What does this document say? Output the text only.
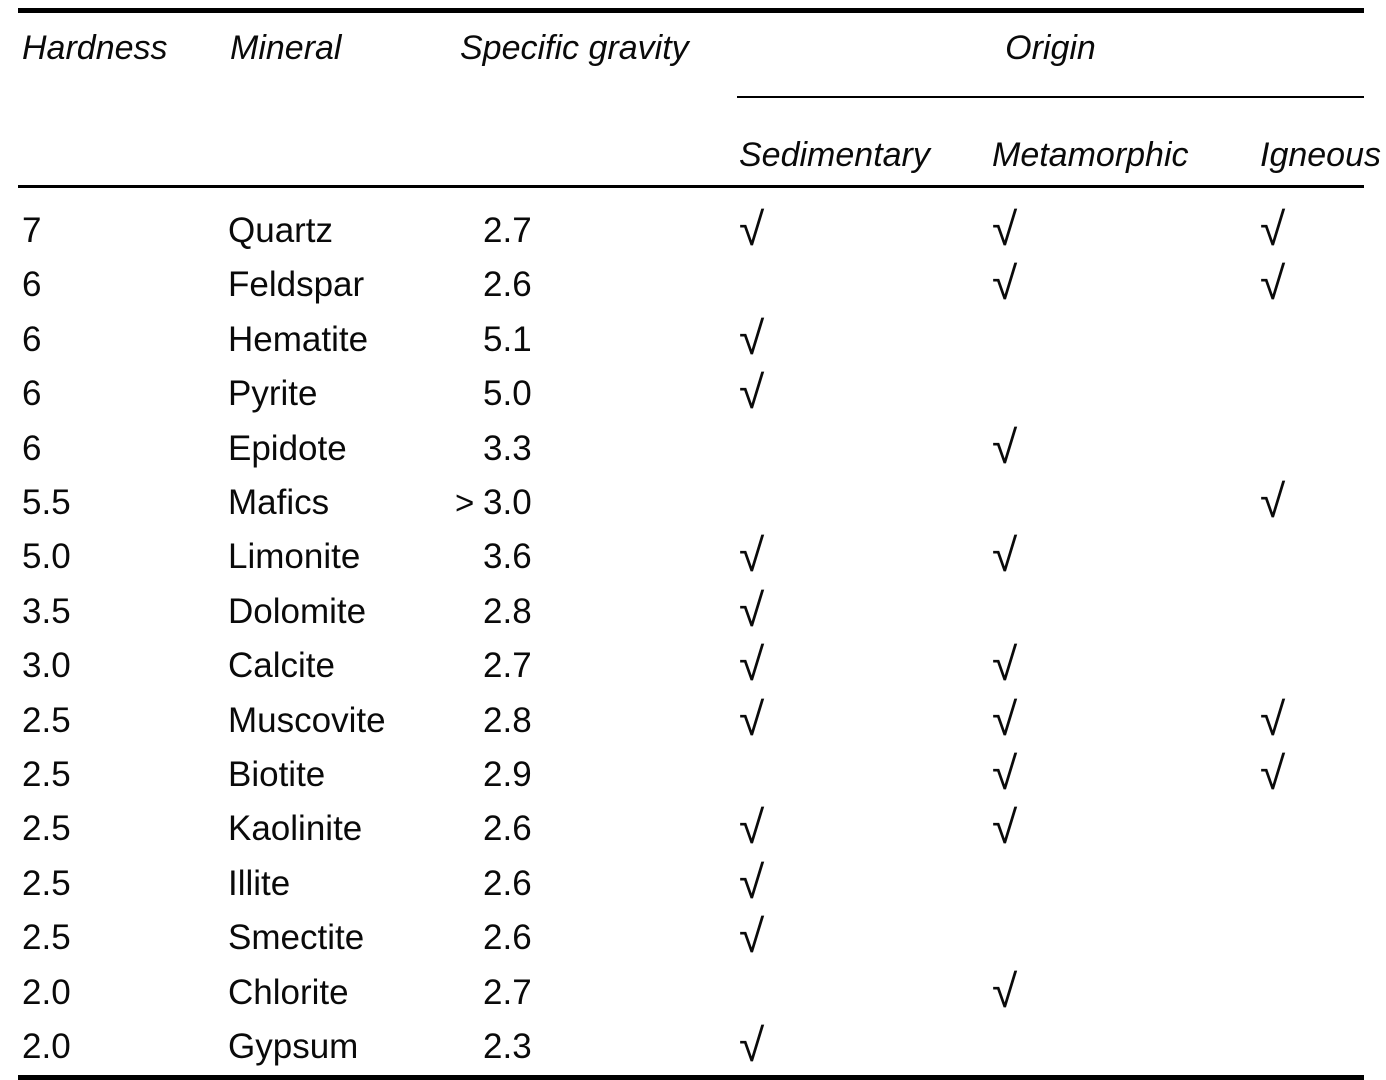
Hardness	Mineral	Specific gravity	Origin		
			Sedimentary	Metamorphic	Igneous
7	Quartz	2.7	√	√	√
6	Feldspar	2.6		√	√
6	Hematite	5.1	√		
6	Pyrite	5.0	√		
6	Epidote	3.3		√	
5.5	Mafics	> 3.0			√
5.0	Limonite	3.6	√	√	
3.5	Dolomite	2.8	√		
3.0	Calcite	2.7	√	√	
2.5	Muscovite	2.8	√	√	√
2.5	Biotite	2.9		√	√
2.5	Kaolinite	2.6	√	√	
2.5	Illite	2.6	√		
2.5	Smectite	2.6	√		
2.0	Chlorite	2.7		√	
2.0	Gypsum	2.3	√		
